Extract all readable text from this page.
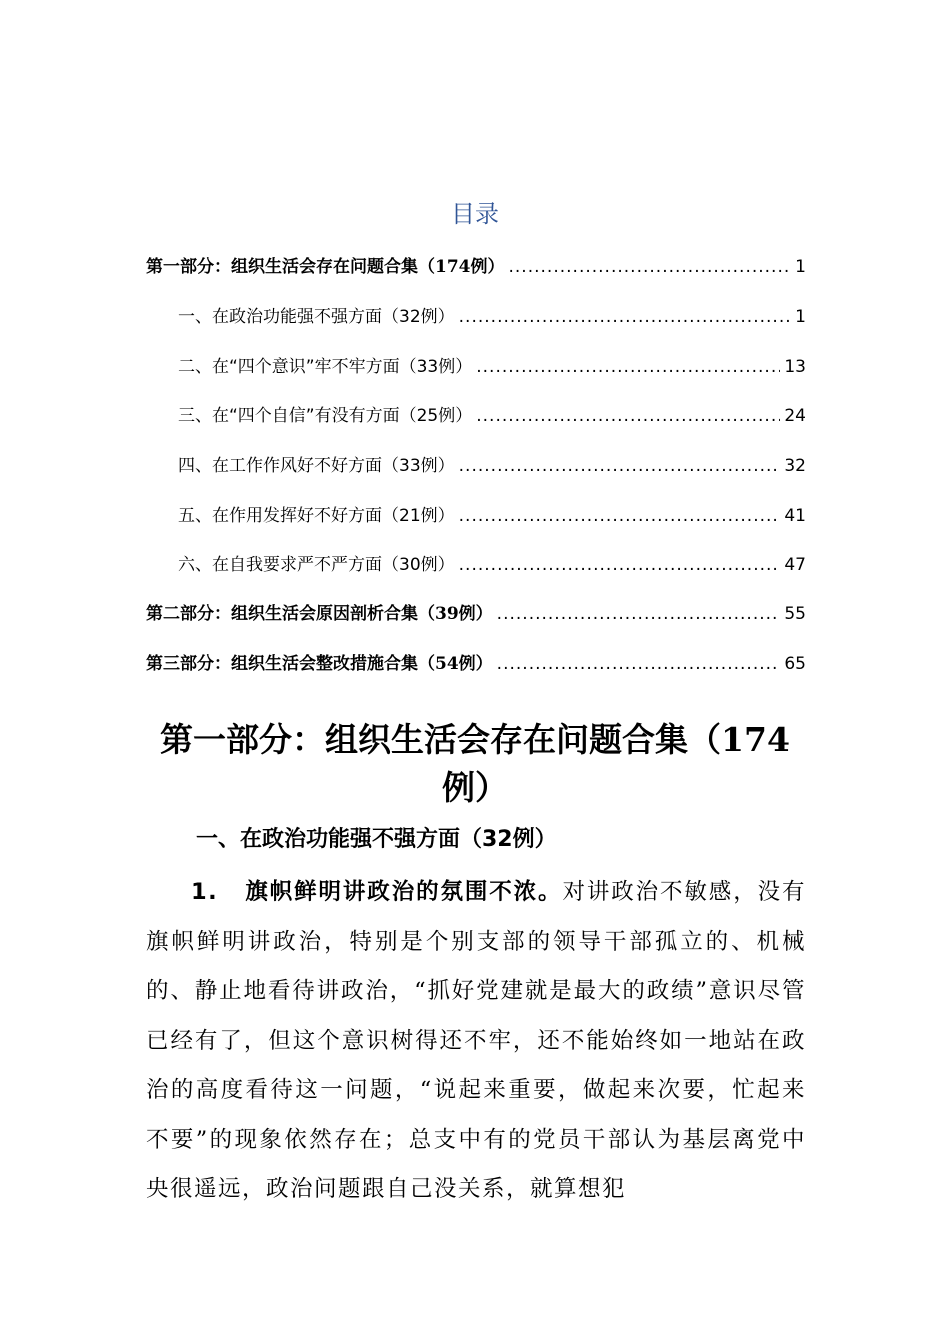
目录
第一部分：组织生活会存在问题合集（174例） .....	1
一、在政治功能强不强方面（32例） .....	1
二、在“四个意识”牢不牢方面（33例） .....	13
三、在“四个自信”有没有方面（25例） .....	24
四、在工作作风好不好方面（33例） .....	32
五、在作用发挥好不好方面（21例） .....	41
六、在自我要求严不严方面（30例） .....	47
第二部分：组织生活会原因剖析合集（39例） .....	55
第三部分：组织生活会整改措施合集（54例） .....	65
第一部分：组织生活会存在问题合集（174例）
一、在政治功能强不强方面（32例）

1. 旗帜鲜明讲政治的氛围不浓。对讲政治不敏感，没有旗帜鲜明讲政治，特别是个别支部的领导干部孤立的、机械的、静止地看待讲政治，“抓好党建就是最大的政绩”意识尽管已经有了，但这个意识树得还不牢，还不能始终如一地站在政治的高度看待这一问题，“说起来重要，做起来次要，忙起来不要”的现象依然存在；总支中有的党员干部认为基层离党中央很遥远，政治问题跟自己没关系，就算想犯
